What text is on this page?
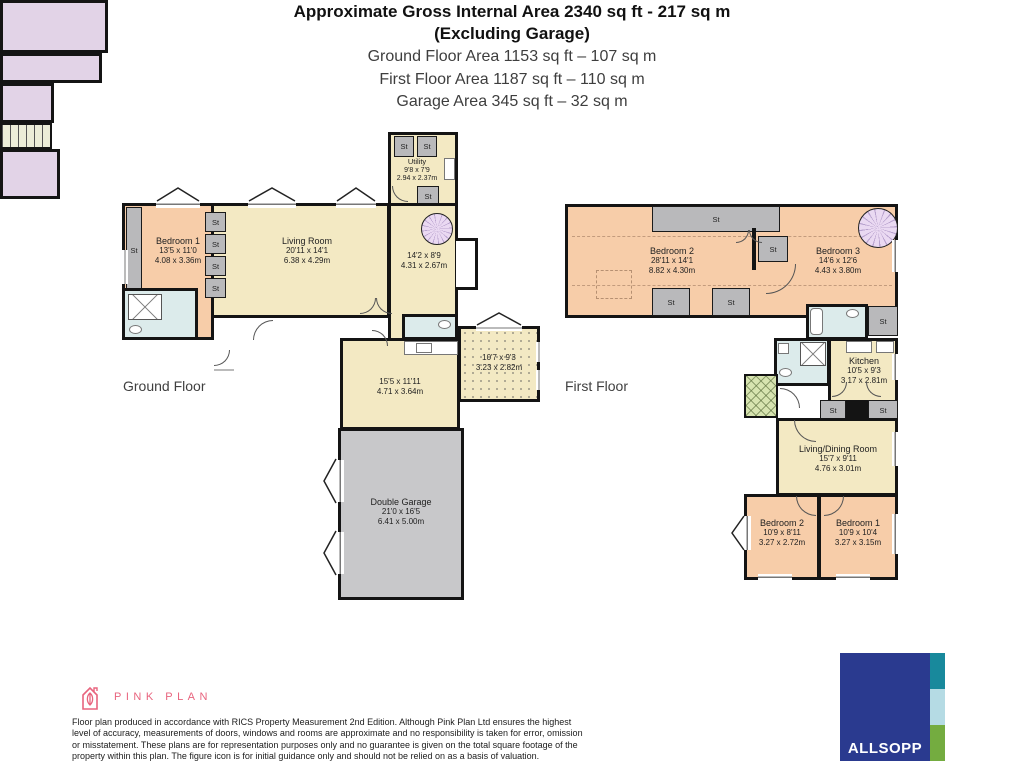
Approximate Gross Internal Area 2340 sq ft - 217 sq m
(Excluding Garage)
Ground Floor Area 1153 sq ft – 107 sq m
First Floor Area 1187 sq ft – 110 sq m
Garage Area 345 sq ft – 32 sq m
St	St
Utility
9'8 x 7'9
2.94 x 2.37m
St
St
St
St
St
St
15'5 x 11'11
4.71 x 3.64m
10'7 x 9'3
3.23 x 2.82m
Double Garage
21'0 x 16'5
6.41 x 5.00m
Bedroom 1
13'5 x 11'0
4.08 x 3.36m
Living Room
20'11 x 14'1
6.38 x 4.29m
14'2 x 8'9
4.31 x 2.67m
Ground Floor
St
St
St	St
Bedroom 2
28'11 x 14'1
8.82 x 4.30m
Bedroom 3
14'6 x 12'6
4.43 x 3.80m
St
Kitchen
10'5 x 9'3
3.17 x 2.81m
St	St
Living/Dining Room
15'7 x 9'11
4.76 x 3.01m
Bedroom 2
10'9 x 8'11
3.27 x 2.72m
Bedroom 1
10'9 x 10'4
3.27 x 3.15m
First Floor
PINK PLAN
Floor plan produced in accordance with RICS Property Measurement 2nd Edition. Although Pink Plan Ltd ensures the highest level of accuracy, measurements of doors, windows and rooms are approximate and no responsibility is taken for error, omission or misstatement. These plans are for representation purposes only and no guarantee is given on the total square footage of the property within this plan. The figure icon is for initial guidance only and should not be relied on as a basis of valuation.	ALLSOPP
